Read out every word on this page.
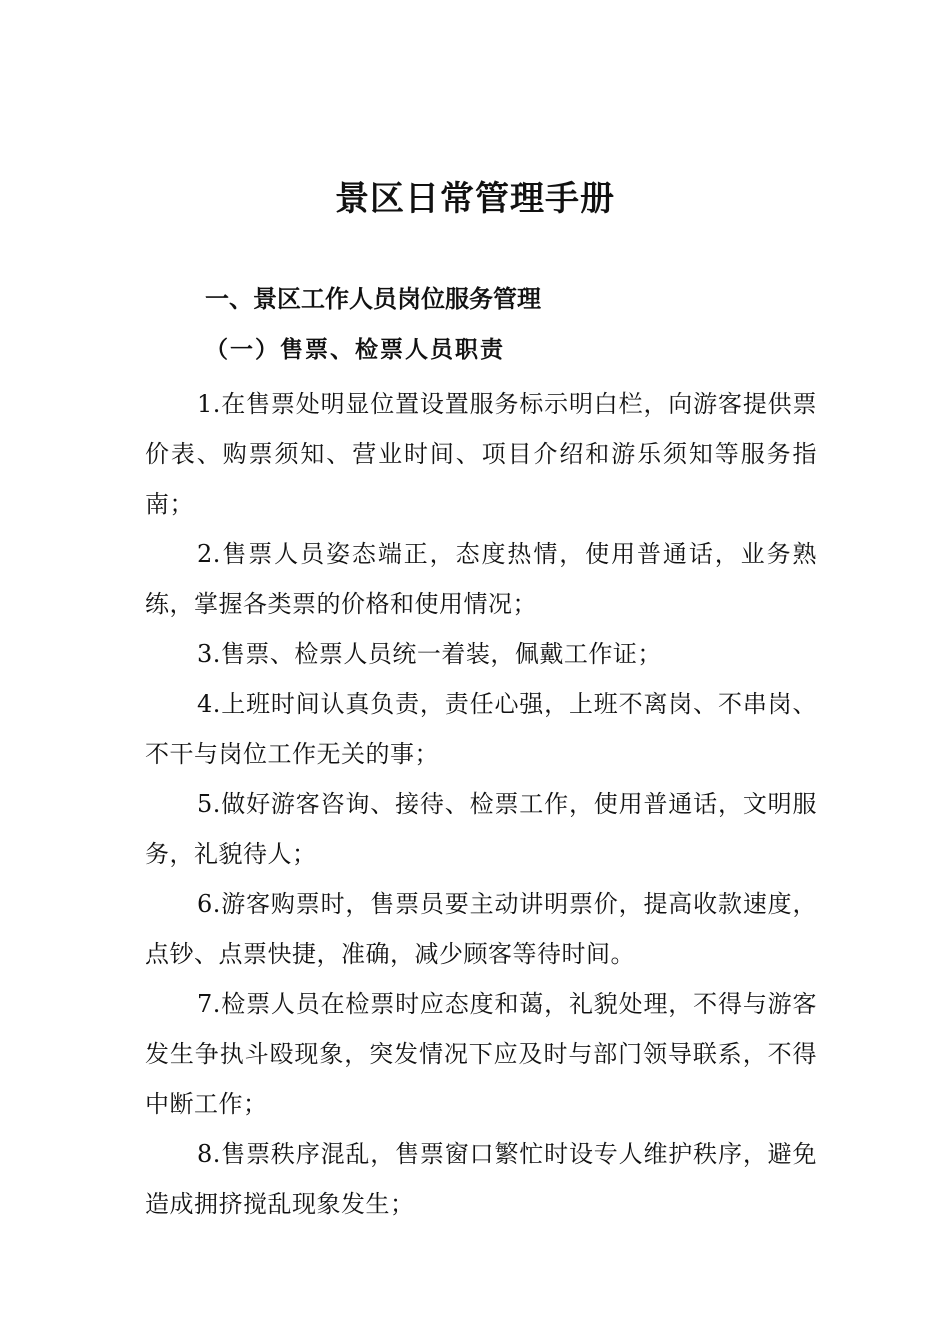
景区日常管理手册
一、景区工作人员岗位服务管理
（一）售票、检票人员职责

1.在售票处明显位置设置服务标示明白栏，向游客提供票价表、购票须知、营业时间、项目介绍和游乐须知等服务指南；

2.售票人员姿态端正，态度热情，使用普通话，业务熟练，掌握各类票的价格和使用情况；

3.售票、检票人员统一着装，佩戴工作证；

4.上班时间认真负责，责任心强，上班不离岗、不串岗、不干与岗位工作无关的事；

5.做好游客咨询、接待、检票工作，使用普通话，文明服务，礼貌待人；

6.游客购票时，售票员要主动讲明票价，提高收款速度，点钞、点票快捷，准确，减少顾客等待时间。

7.检票人员在检票时应态度和蔼，礼貌处理，不得与游客发生争执斗殴现象，突发情况下应及时与部门领导联系，不得中断工作；

8.售票秩序混乱，售票窗口繁忙时设专人维护秩序，避免造成拥挤搅乱现象发生；
